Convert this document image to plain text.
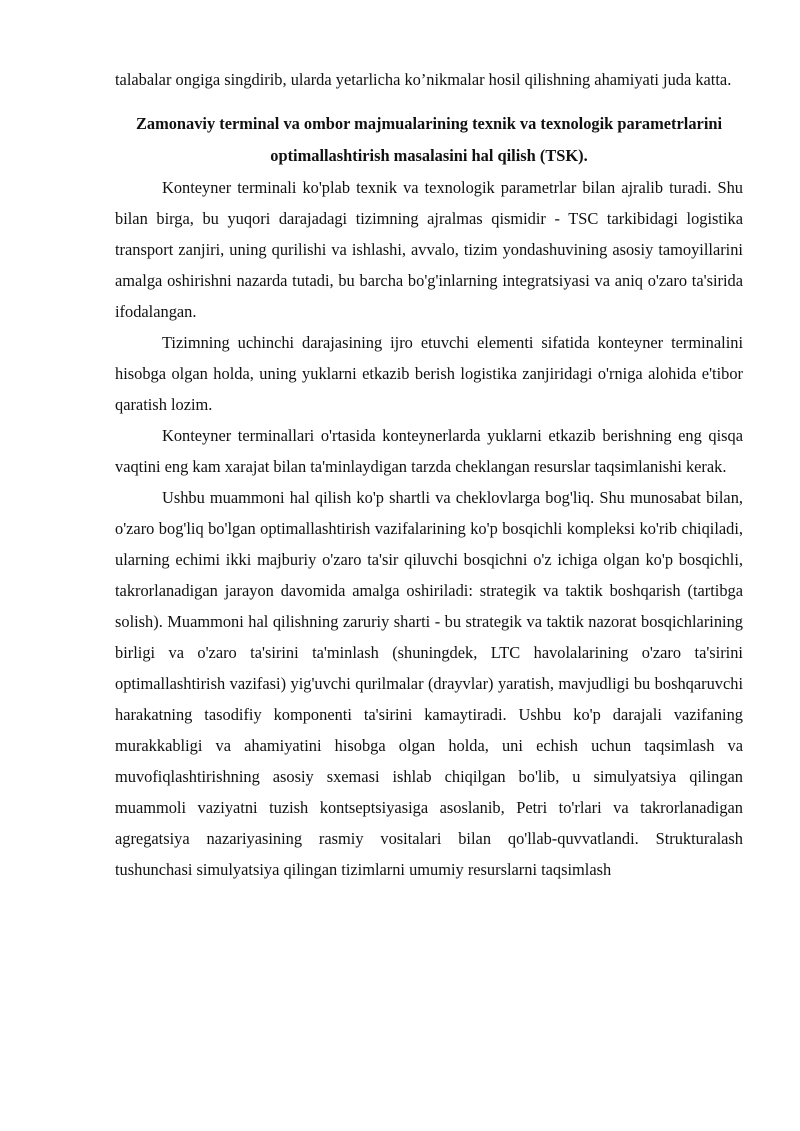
talabalar ongiga singdirib, ularda yetarlicha ko’nikmalar hosil qilishning ahamiyati juda katta.

Zamonaviy terminal va ombor majmualarining texnik va texnologik parametrlarini optimallashtirish masalasini hal qilish (TSK).

Konteyner terminali ko'plab texnik va texnologik parametrlar bilan ajralib turadi. Shu bilan birga, bu yuqori darajadagi tizimning ajralmas qismidir - TSC tarkibidagi logistika transport zanjiri, uning qurilishi va ishlashi, avvalo, tizim yondashuvining asosiy tamoyillarini amalga oshirishni nazarda tutadi, bu barcha bo'g'inlarning integratsiyasi va aniq o'zaro ta'sirida ifodalangan.

Tizimning uchinchi darajasining ijro etuvchi elementi sifatida konteyner terminalini hisobga olgan holda, uning yuklarni etkazib berish logistika zanjiridagi o'rniga alohida e'tibor qaratish lozim.

Konteyner terminallari o'rtasida konteynerlarda yuklarni etkazib berishning eng qisqa vaqtini eng kam xarajat bilan ta'minlaydigan tarzda cheklangan resurslar taqsimlanishi kerak.

Ushbu muammoni hal qilish ko'p shartli va cheklovlarga bog'liq. Shu munosabat bilan, o'zaro bog'liq bo'lgan optimallashtirish vazifalarining ko'p bosqichli kompleksi ko'rib chiqiladi, ularning echimi ikki majburiy o'zaro ta'sir qiluvchi bosqichni o'z ichiga olgan ko'p bosqichli, takrorlanadigan jarayon davomida amalga oshiriladi: strategik va taktik boshqarish (tartibga solish). Muammoni hal qilishning zaruriy sharti - bu strategik va taktik nazorat bosqichlarining birligi va o'zaro ta'sirini ta'minlash (shuningdek, LTC havolalarining o'zaro ta'sirini optimallashtirish vazifasi) yig'uvchi qurilmalar (drayvlar) yaratish, mavjudligi bu boshqaruvchi harakatning tasodifiy komponenti ta'sirini kamaytiradi. Ushbu ko'p darajali vazifaning murakkabligi va ahamiyatini hisobga olgan holda, uni echish uchun taqsimlash va muvofiqlashtirishning asosiy sxemasi ishlab chiqilgan bo'lib, u simulyatsiya qilingan muammoli vaziyatni tuzish kontseptsiyasiga asoslanib, Petri to'rlari va takrorlanadigan agregatsiya nazariyasining rasmiy vositalari bilan qo'llab-quvvatlandi. Strukturalash tushunchasi simulyatsiya qilingan tizimlarni umumiy resurslarni taqsimlash
